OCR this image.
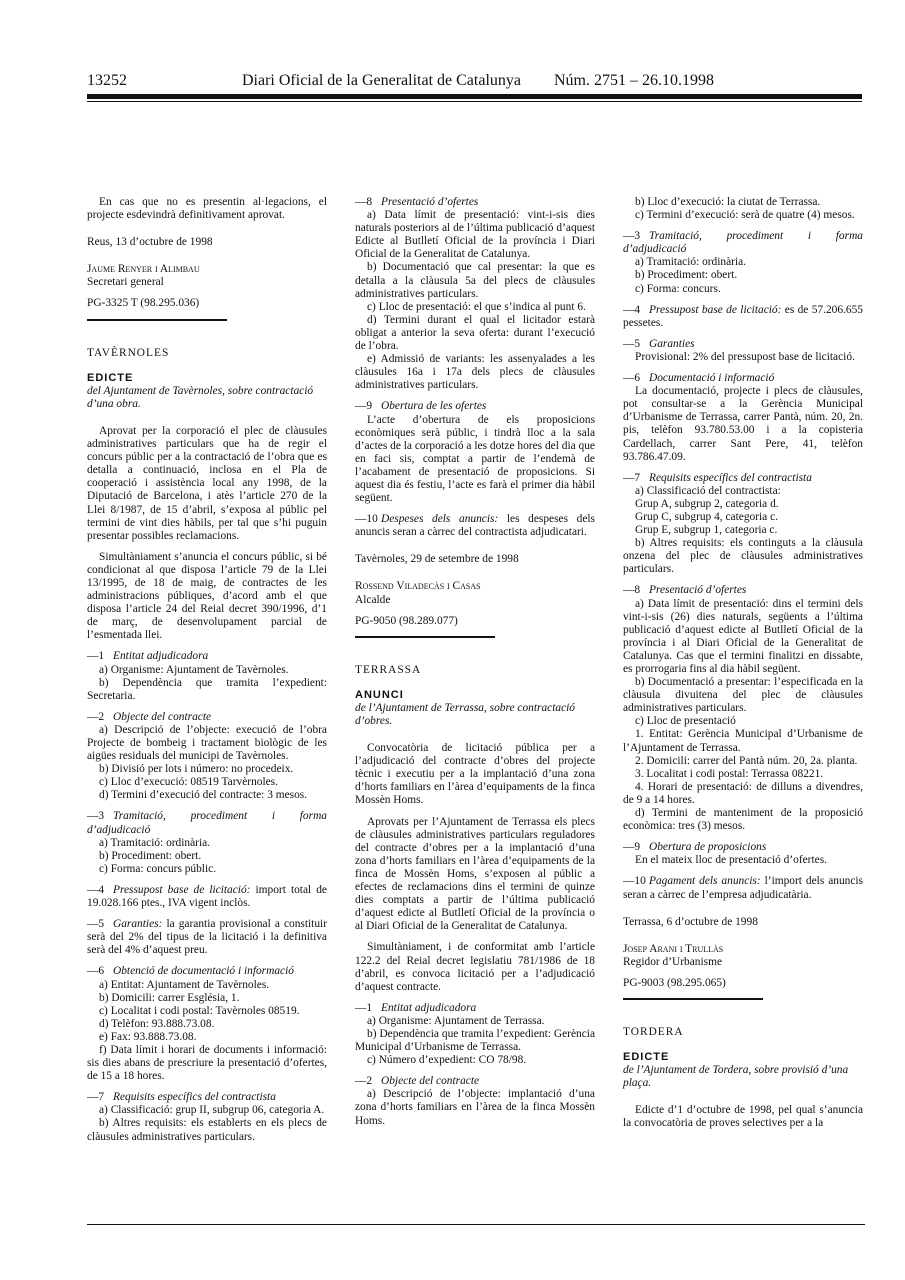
13252	Diari Oficial de la Generalitat de Catalunya Núm. 2751 – 26.10.1998

En cas que no es presentin al·legacions, el projecte esdevindrà definitivament aprovat.

Reus, 13 d’octubre de 1998

Jaume Renyer i Alimbau

Secretari general

PG-3325 T (98.295.036)

TAVÈRNOLES

EDICTE

del Ajuntament de Tavèrnoles, sobre contractació d’una obra.

Aprovat per la corporació el plec de clàusules administratives particulars que ha de regir el concurs públic per a la contractació de l’obra que es detalla a continuació, inclosa en el Pla de cooperació i assistència local any 1998, de la Diputació de Barcelona, i atès l’article 270 de la Llei 8/1987, de 15 d’abril, s’exposa al públic pel termini de vint dies hàbils, per tal que s’hi puguin presentar possibles reclamacions.

Simultàniament s’anuncia el concurs públic, si bé condicionat al que disposa l’article 79 de la Llei 13/1995, de 18 de maig, de contractes de les administracions públiques, d’acord amb el que disposa l’article 24 del Reial decret 390/1996, d’1 de març, de desenvolupament parcial de l’esmentada llei.

—1 Entitat adjudicadora

a) Organisme: Ajuntament de Tavèrnoles.

b) Dependència que tramita l’expedient: Secretaria.

—2 Objecte del contracte

a) Descripció de l’objecte: execució de l’obra Projecte de bombeig i tractament biològic de les aigües residuals del municipi de Tavèrnoles.

b) Divisió per lots i número: no procedeix.

c) Lloc d’execució: 08519 Tarvèrnoles.

d) Termini d’execució del contracte: 3 mesos.

—3 Tramitació, procediment i forma d’adjudicació

a) Tramitació: ordinària.

b) Procediment: obert.

c) Forma: concurs públic.

—4 Pressupost base de licitació: import total de 19.028.166 ptes., IVA vigent inclòs.

—5 Garanties: la garantia provisional a constituir serà del 2% del tipus de la licitació i la definitiva serà del 4% d’aquest preu.

—6 Obtenció de documentació i informació

a) Entitat: Ajuntament de Tavèrnoles.

b) Domicili: carrer Església, 1.

c) Localitat i codi postal: Tavèrnoles 08519.

d) Telèfon: 93.888.73.08.

e) Fax: 93.888.73.08.

f) Data límit i horari de documents i informació: sis dies abans de prescriure la presentació d’ofertes, de 15 a 18 hores.

—7 Requisits específics del contractista

a) Classificació: grup II, subgrup 06, categoria A.

b) Altres requisits: els establerts en els plecs de clàusules administratives particulars.

—8 Presentació d’ofertes

a) Data límit de presentació: vint-i-sis dies naturals posteriors al de l’última publicació d’aquest Edicte al Butlletí Oficial de la província i Diari Oficial de la Generalitat de Catalunya.

b) Documentació que cal presentar: la que es detalla a la clàusula 5a del plecs de clàusules administratives particulars.

c) Lloc de presentació: el que s’indica al punt 6.

d) Termini durant el qual el licitador estarà obligat a anterior la seva oferta: durant l’execució de l’obra.

e) Admissió de variants: les assenyalades a les clàusules 16a i 17a dels plecs de clàusules administratives particulars.

—9 Obertura de les ofertes

L’acte d’obertura de els proposicions econòmiques serà públic, i tindrà lloc a la sala d’actes de la corporació a les dotze hores del dia que en faci sis, comptat a partir de l’endemà de l’acabament de presentació de proposicions. Si aquest dia és festiu, l’acte es farà el primer dia hàbil següent.

—10 Despeses dels anuncis: les despeses dels anuncis seran a càrrec del contractista adjudicatari.

Tavèrnoles, 29 de setembre de 1998

Rossend Viladecàs i Casas

Alcalde

PG-9050 (98.289.077)

TERRASSA

ANUNCI

de l’Ajuntament de Terrassa, sobre contractació d’obres.

Convocatòria de licitació pública per a l’adjudicació del contracte d’obres del projecte tècnic i executiu per a la implantació d’una zona d’horts familiars en l’àrea d’equipaments de la finca Mossèn Homs.

Aprovats per l’Ajuntament de Terrassa els plecs de clàusules administratives particulars reguladores del contracte d’obres per a la implantació d’una zona d’horts familiars en l’àrea d’equipaments de la finca de Mossèn Homs, s’exposen al públic a efectes de reclamacions dins el termini de quinze dies comptats a partir de l’última publicació d’aquest edicte al Butlletí Oficial de la província o al Diari Oficial de la Generalitat de Catalunya.

Simultàniament, i de conformitat amb l’article 122.2 del Reial decret legislatiu 781/1986 de 18 d’abril, es convoca licitació per a l’adjudicació d’aquest contracte.

—1 Entitat adjudicadora

a) Organisme: Ajuntament de Terrassa.

b) Dependència que tramita l’expedient: Gerència Municipal d’Urbanisme de Terrassa.

c) Número d’expedient: CO 78/98.

—2 Objecte del contracte

a) Descripció de l’objecte: implantació d’una zona d’horts familiars en l’àrea de la finca Mossèn Homs.

b) Lloc d’execució: la ciutat de Terrassa.

c) Termini d’execució: serà de quatre (4) mesos.

—3 Tramitació, procediment i forma d’adjudicació

a) Tramitació: ordinària.

b) Procediment: obert.

c) Forma: concurs.

—4 Pressupost base de licitació: es de 57.206.655 pessetes.

—5 Garanties

Provisional: 2% del pressupost base de licitació.

—6 Documentació i informació

La documentació, projecte i plecs de clàusules, pot consultar-se a la Gerència Municipal d’Urbanisme de Terrassa, carrer Pantà, núm. 20, 2n. pis, telèfon 93.780.53.00 i a la copisteria Cardellach, carrer Sant Pere, 41, telèfon 93.786.47.09.

—7 Requisits específics del contractista

a) Classificació del contractista:

Grup A, subgrup 2, categoria d.

Grup C, subgrup 4, categoria c.

Grup E, subgrup 1, categoria c.

b) Altres requisits: els continguts a la clàusula onzena del plec de clàusules administratives particulars.

—8 Presentació d’ofertes

a) Data límit de presentació: dins el termini dels vint-i-sis (26) dies naturals, següents a l’última publicació d’aquest edicte al Butlletí Oficial de la província i al Diari Oficial de la Generalitat de Catalunya. Cas que el termini finalitzi en dissabte, es prorrogaria fins al dia hàbil següent.

b) Documentació a presentar: l’especificada en la clàusula divuitena del plec de clàusules administratives particulars.

c) Lloc de presentació

1. Entitat: Gerència Municipal d’Urbanisme de l’Ajuntament de Terrassa.

2. Domicili: carrer del Pantà núm. 20, 2a. planta.

3. Localitat i codi postal: Terrassa 08221.

4. Horari de presentació: de dilluns a divendres, de 9 a 14 hores.

d) Termini de manteniment de la proposició econòmica: tres (3) mesos.

—9 Obertura de proposicions

En el mateix lloc de presentació d’ofertes.

—10 Pagament dels anuncis: l’import dels anuncis seran a càrrec de l’empresa adjudicatària.

Terrassa, 6 d’octubre de 1998

Josep Arani i Trullàs

Regidor d’Urbanisme

PG-9003 (98.295.065)

TORDERA

EDICTE

de l’Ajuntament de Tordera, sobre provisió d’una plaça.

Edicte d’1 d’octubre de 1998, pel qual s’anuncia la convocatòria de proves selectives per a la
